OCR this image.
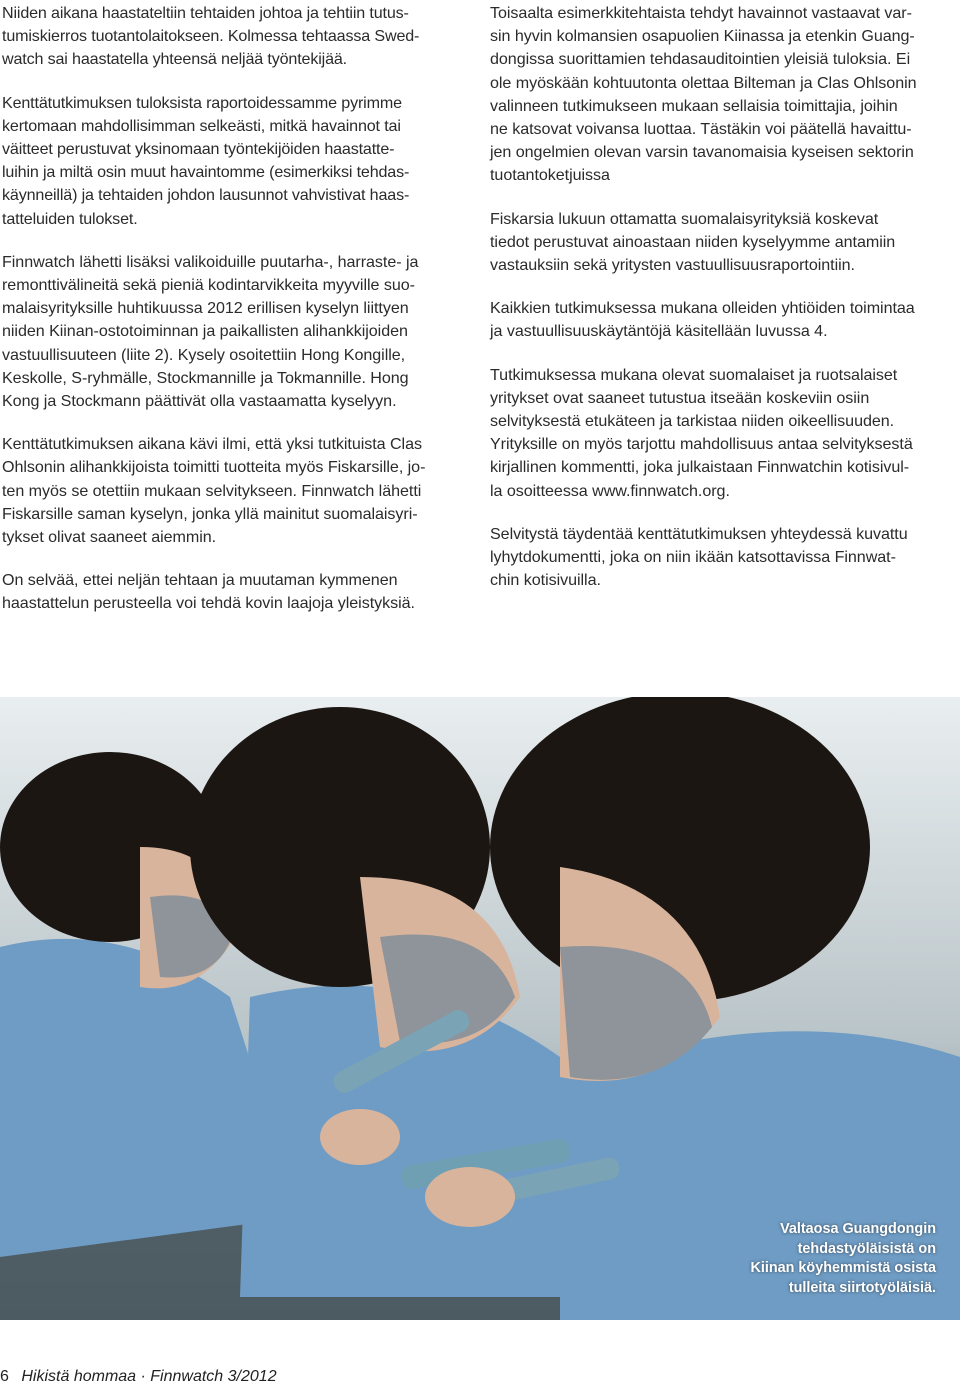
Niiden aikana haastateltiin tehtaiden johtoa ja tehtiin tutus-
tumiskierros tuotantolaitokseen. Kolmessa tehtaassa Swed-
watch sai haastatella yhteensä neljää työntekijää.

Kenttätutkimuksen tuloksista raportoidessamme pyrimme
kertomaan mahdollisimman selkeästi, mitkä havainnot tai
väitteet perustuvat yksinomaan työntekijöiden haastatte-
luihin ja miltä osin muut havaintomme (esimerkiksi tehdas-
käynneillä) ja tehtaiden johdon lausunnot vahvistivat haas-
tatteluiden tulokset.

Finnwatch lähetti lisäksi valikoiduille puutarha-, harraste- ja
remonttivälineitä sekä pieniä kodintarvikkeita myyville suo-
malaisyrityksille huhtikuussa 2012 erillisen kyselyn liittyen
niiden Kiinan-ostotoiminnan ja paikallisten alihankkijoiden
vastuullisuuteen (liite 2). Kysely osoitettiin Hong Kongille,
Keskolle, S-ryhmälle, Stockmannille ja Tokmannille. Hong
Kong ja Stockmann päättivät olla vastaamatta kyselyyn.

Kenttätutkimuksen aikana kävi ilmi, että yksi tutkituista Clas
Ohlsonin alihankkijoista toimitti tuotteita myös Fiskarsille, jo-
ten myös se otettiin mukaan selvitykseen. Finnwatch lähetti
Fiskarsille saman kyselyn, jonka yllä mainitut suomalaisyri-
tykset olivat saaneet aiemmin.

On selvää, ettei neljän tehtaan ja muutaman kymmenen
haastattelun perusteella voi tehdä kovin laajoja yleistyksiä.

Toisaalta esimerkkitehtaista tehdyt havainnot vastaavat var-
sin hyvin kolmansien osapuolien Kiinassa ja etenkin Guang-
dongissa suorittamien tehdasauditointien yleisiä tuloksia. Ei
ole myöskään kohtuutonta olettaa Bilteman ja Clas Ohlsonin
valinneen tutkimukseen mukaan sellaisia toimittajia, joihin
ne katsovat voivansa luottaa. Tästäkin voi päätellä havaittu-
jen ongelmien olevan varsin tavanomaisia kyseisen sektorin
tuotantoketjuissa

Fiskarsia lukuun ottamatta suomalaisyrityksiä koskevat
tiedot perustuvat ainoastaan niiden kyselyymme antamiin
vastauksiin sekä yritysten vastuullisuusraportointiin.

Kaikkien tutkimuksessa mukana olleiden yhtiöiden toimintaa
ja vastuullisuuskäytäntöjä käsitellään luvussa 4.

Tutkimuksessa mukana olevat suomalaiset ja ruotsalaiset
yritykset ovat saaneet tutustua itseään koskeviin osiin
selvityksestä etukäteen ja tarkistaa niiden oikeellisuuden.
Yrityksille on myös tarjottu mahdollisuus antaa selvityksestä
kirjallinen kommentti, joka julkaistaan Finnwatchin kotisivul-
la osoitteessa www.finnwatch.org.

Selvitystä täydentää kenttätutkimuksen yhteydessä kuvattu
lyhytdokumentti, joka on niin ikään katsottavissa Finnwat-
chin kotisivuilla.

Valtaosa Guangdongin
tehdastyöläisistä on
Kiinan köyhemmistä osista
tulleita siirtotyöläisiä.
6 Hikistä hommaa · Finnwatch 3/2012
